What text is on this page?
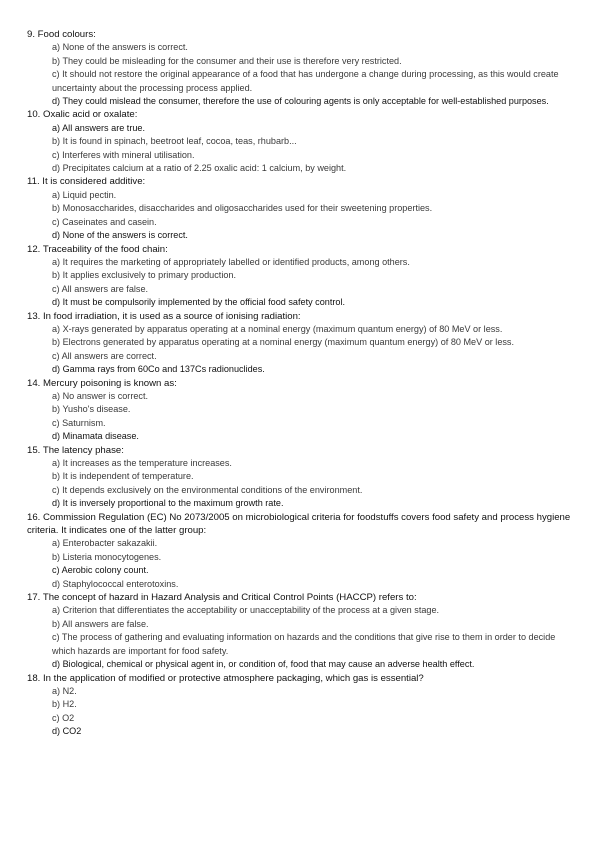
9. Food colours:

a) None of the answers is correct.

b) They could be misleading for the consumer and their use is therefore very restricted.

c) It should not restore the original appearance of a food that has undergone a change during processing, as this would create uncertainty about the processing process applied.

d) They could mislead the consumer, therefore the use of colouring agents is only acceptable for well-established purposes.

10. Oxalic acid or oxalate:

a) All answers are true.

b) It is found in spinach, beetroot leaf, cocoa, teas, rhubarb...

c) Interferes with mineral utilisation.

d) Precipitates calcium at a ratio of 2.25 oxalic acid: 1 calcium, by weight.

11. It is considered additive:

a) Liquid pectin.

b) Monosaccharides, disaccharides and oligosaccharides used for their sweetening properties.

c) Caseinates and casein.

d) None of the answers is correct.

12. Traceability of the food chain:

a) It requires the marketing of appropriately labelled or identified products, among others.

b) It applies exclusively to primary production.

c) All answers are false.

d) It must be compulsorily implemented by the official food safety control.

13. In food irradiation, it is used as a source of ionising radiation:

a) X-rays generated by apparatus operating at a nominal energy (maximum quantum energy) of 80 MeV or less.

b) Electrons generated by apparatus operating at a nominal energy (maximum quantum energy) of 80 MeV or less.

c) All answers are correct.

d) Gamma rays from 60Co and 137Cs radionuclides.

14. Mercury poisoning is known as:

a) No answer is correct.

b) Yusho's disease.

c) Saturnism.

d) Minamata disease.

15. The latency phase:

a) It increases as the temperature increases.

b) It is independent of temperature.

c) It depends exclusively on the environmental conditions of the environment.

d) It is inversely proportional to the maximum growth rate.

16. Commission Regulation (EC) No 2073/2005 on microbiological criteria for foodstuffs covers food safety and process hygiene criteria. It indicates one of the latter group:

a) Enterobacter sakazakii.

b) Listeria monocytogenes.

c) Aerobic colony count.

d) Staphylococcal enterotoxins.

17. The concept of hazard in Hazard Analysis and Critical Control Points (HACCP) refers to:

a) Criterion that differentiates the acceptability or unacceptability of the process at a given stage.

b) All answers are false.

c) The process of gathering and evaluating information on hazards and the conditions that give rise to them in order to decide which hazards are important for food safety.

d) Biological, chemical or physical agent in, or condition of, food that may cause an adverse health effect.

18. In the application of modified or protective atmosphere packaging, which gas is essential?

a) N2.

b) H2.

c) O2

d) CO2
